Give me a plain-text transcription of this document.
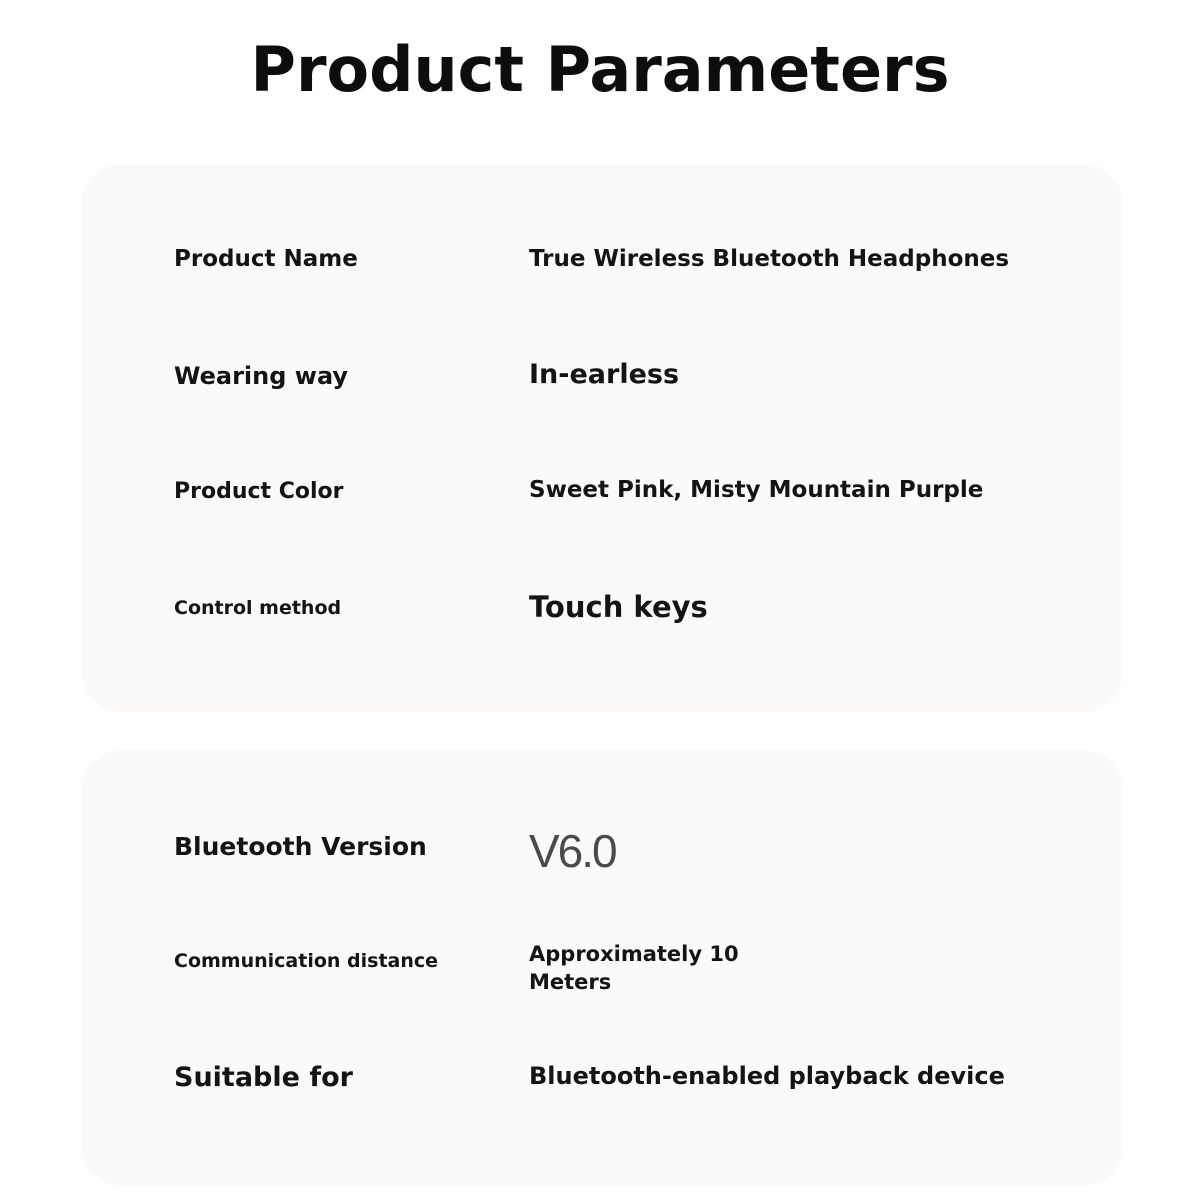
Product Parameters
Product Name	True Wireless Bluetooth Headphones
Wearing way	In-earless
Product Color	Sweet Pink, Misty Mountain Purple
Control method	Touch keys
Bluetooth Version V6.0
Communication distance	Approximately 10 Meters
Suitable for	Bluetooth-enabled playback device
